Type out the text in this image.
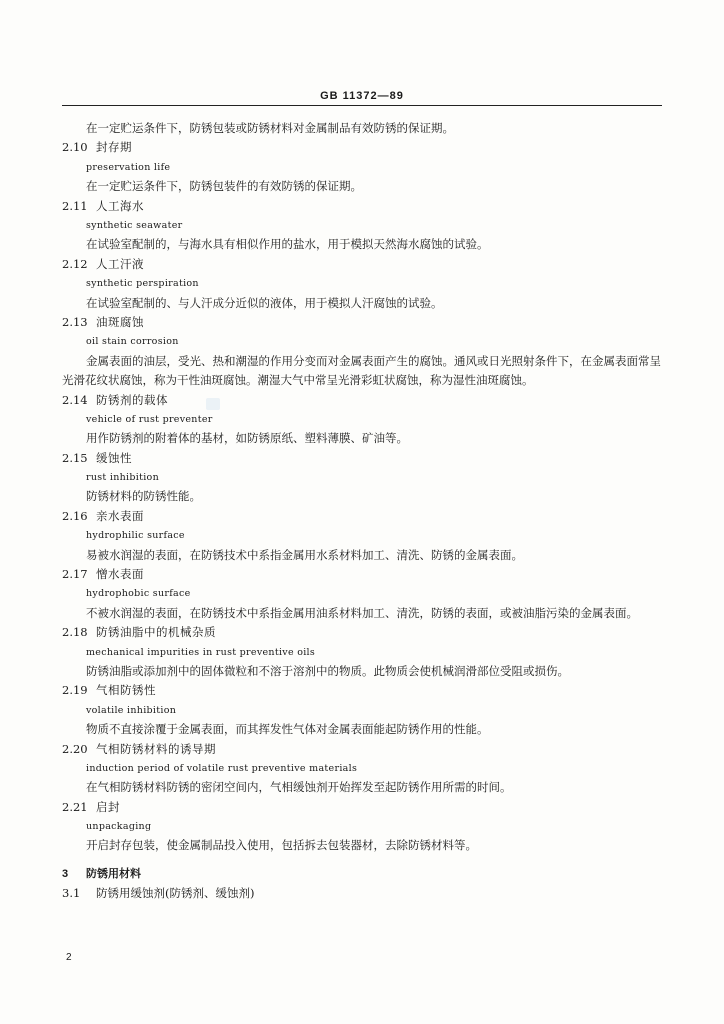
GB 11372—89
在一定贮运条件下，防锈包装或防锈材料对金属制品有效防锈的保证期。
2.10 封存期
preservation life
在一定贮运条件下，防锈包装件的有效防锈的保证期。
2.11 人工海水
synthetic seawater
在试验室配制的，与海水具有相似作用的盐水，用于模拟天然海水腐蚀的试验。
2.12 人工汗液
synthetic perspiration
在试验室配制的、与人汗成分近似的液体，用于模拟人汗腐蚀的试验。
2.13 油斑腐蚀
oil stain corrosion
金属表面的油层，受光、热和潮湿的作用分变而对金属表面产生的腐蚀。通风或日光照射条件下，在金属表面常呈光滑花纹状腐蚀，称为干性油斑腐蚀。潮湿大气中常呈光滑彩虹状腐蚀，称为湿性油斑腐蚀。
2.14 防锈剂的载体
vehicle of rust preventer
用作防锈剂的附着体的基材，如防锈原纸、塑料薄膜、矿油等。
2.15 缓蚀性
rust inhibition
防锈材料的防锈性能。
2.16 亲水表面
hydrophilic surface
易被水润湿的表面，在防锈技术中系指金属用水系材料加工、清洗、防锈的金属表面。
2.17 憎水表面
hydrophobic surface
不被水润湿的表面，在防锈技术中系指金属用油系材料加工、清洗，防锈的表面，或被油脂污染的金属表面。
2.18 防锈油脂中的机械杂质
mechanical impurities in rust preventive oils
防锈油脂或添加剂中的固体微粒和不溶于溶剂中的物质。此物质会使机械润滑部位受阻或损伤。
2.19 气相防锈性
volatile inhibition
物质不直接涂覆于金属表面，而其挥发性气体对金属表面能起防锈作用的性能。
2.20 气相防锈材料的诱导期
induction period of volatile rust preventive materials
在气相防锈材料防锈的密闭空间内，气相缓蚀剂开始挥发至起防锈作用所需的时间。
2.21 启封
unpackaging
开启封存包装，使金属制品投入使用，包括拆去包装器材，去除防锈材料等。
3 防锈用材料
3.1 防锈用缓蚀剂(防锈剂、缓蚀剂)
2
